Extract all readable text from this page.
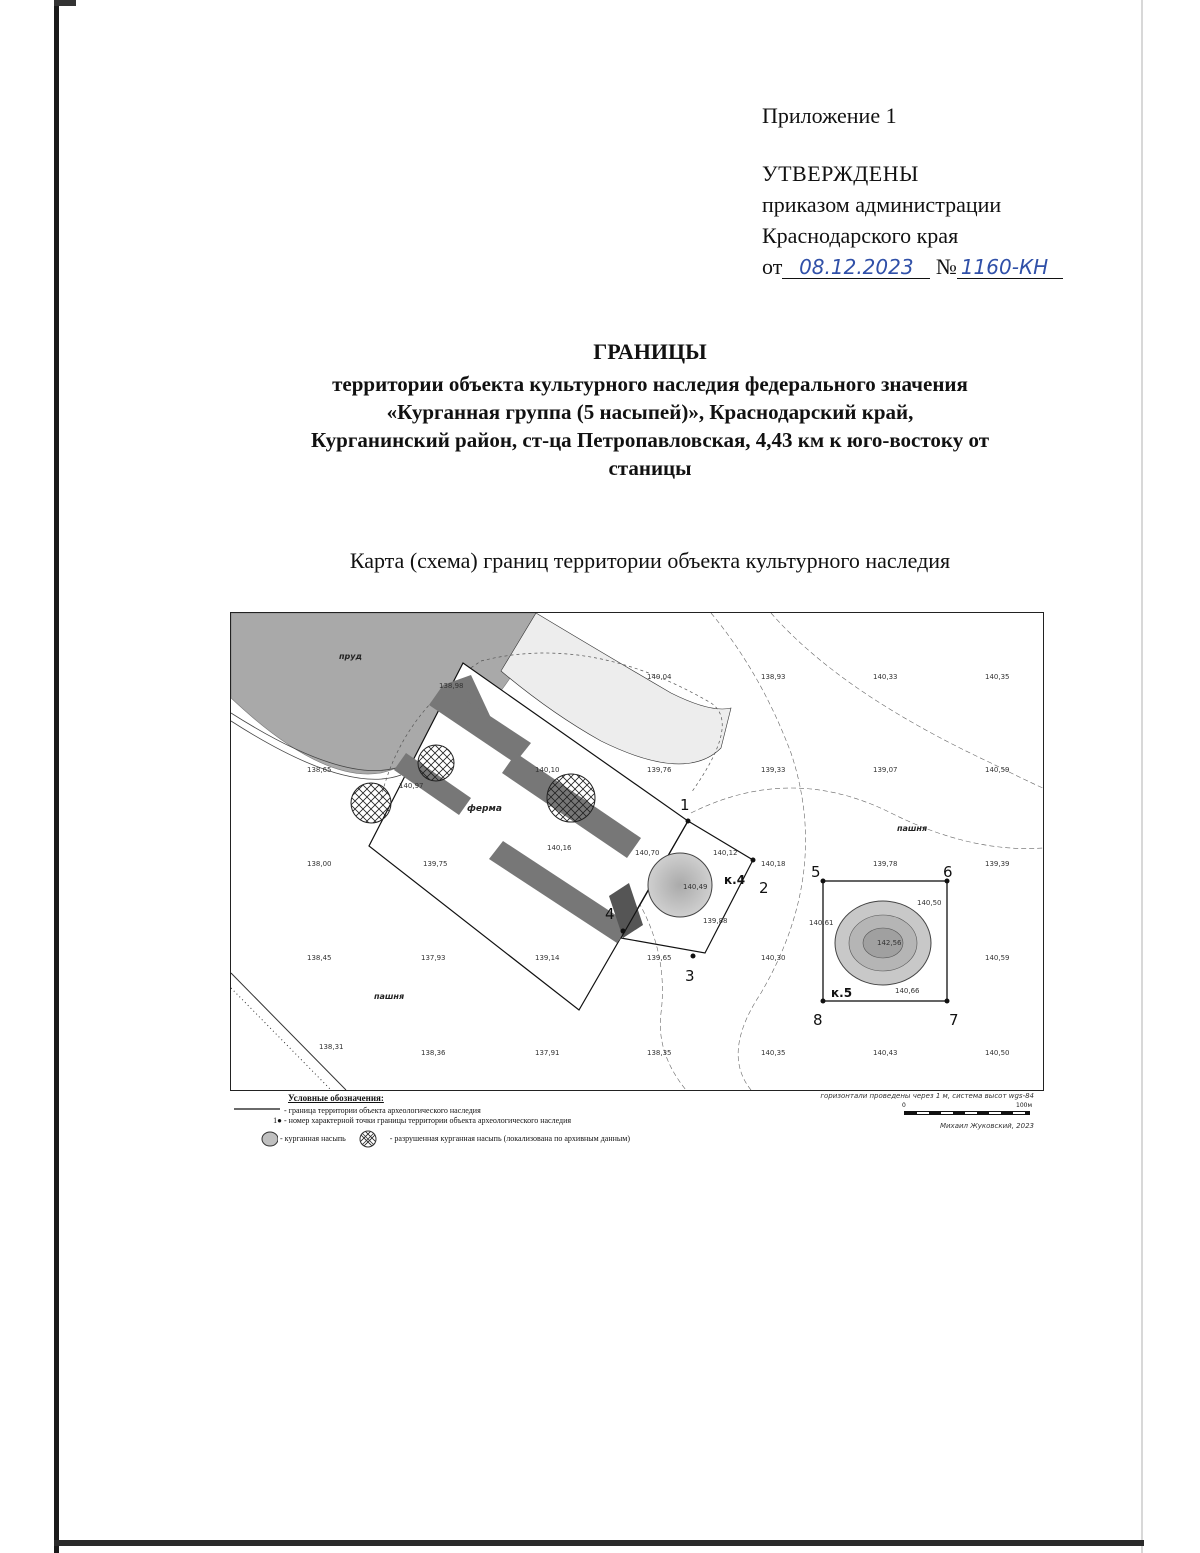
Приложение 1
УТВЕРЖДЕНЫ
приказом администрации
Краснодарского края
от 08.12.2023 № 1160-КН
ГРАНИЦЫ
территории объекта культурного наследия федерального значения
«Курганная группа (5 насыпей)», Краснодарский край,
Курганинский район, ст-ца Петропавловская, 4,43 км к юго-востоку от
станицы
Карта (схема) границ территории объекта культурного наследия
пруд
ферма
пашня
пашня
к.4
к.5
1
2
3
4
5	6
7
8
138,98
140,04	138,93	140,33	140,35
138,65
140,97
140,10	139,76	139,33	139,07	140,59
138,00	139,75
140,16
140,70	140,12
140,18	139,78	139,39
140,49
139,88
140,50
140,61
142,56
138,45	137,93	139,14	139,65	140,30	140,59
140,66
138,31
138,36	137,91	138,35	140,35	140,43	140,50
Условные обозначения:
- граница территории объекта археологического наследия
1● - номер характерной точки границы территории объекта археологического наследия
- курганная насыпь	- разрушенная курганная насыпь (локализована по архивным данным)
горизонтали проведены через 1 м, система высот wgs-84
0	100м
Михаил Жуковский, 2023
